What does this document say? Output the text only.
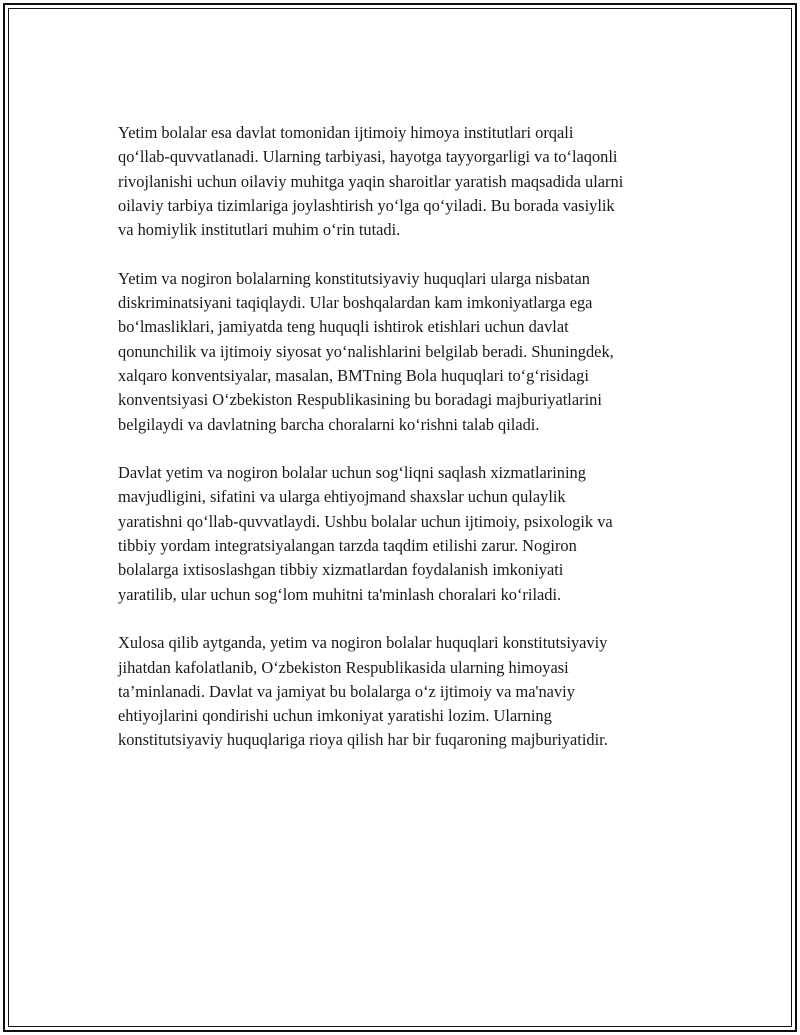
Yetim bolalar esa davlat tomonidan ijtimoiy himoya institutlari orqali
qo‘llab-quvvatlanadi. Ularning tarbiyasi, hayotga tayyorgarligi va to‘laqonli
rivojlanishi uchun oilaviy muhitga yaqin sharoitlar yaratish maqsadida ularni
oilaviy tarbiya tizimlariga joylashtirish yo‘lga qo‘yiladi. Bu borada vasiylik
va homiylik institutlari muhim o‘rin tutadi.

Yetim va nogiron bolalarning konstitutsiyaviy huquqlari ularga nisbatan
diskriminatsiyani taqiqlaydi. Ular boshqalardan kam imkoniyatlarga ega
bo‘lmasliklari, jamiyatda teng huquqli ishtirok etishlari uchun davlat
qonunchilik va ijtimoiy siyosat yo‘nalishlarini belgilab beradi. Shuningdek,
xalqaro konventsiyalar, masalan, BMTning Bola huquqlari to‘g‘risidagi
konventsiyasi O‘zbekiston Respublikasining bu boradagi majburiyatlarini
belgilaydi va davlatning barcha choralarni ko‘rishni talab qiladi.

Davlat yetim va nogiron bolalar uchun sog‘liqni saqlash xizmatlarining
mavjudligini, sifatini va ularga ehtiyojmand shaxslar uchun qulaylik
yaratishni qo‘llab-quvvatlaydi. Ushbu bolalar uchun ijtimoiy, psixologik va
tibbiy yordam integratsiyalangan tarzda taqdim etilishi zarur. Nogiron
bolalarga ixtisoslashgan tibbiy xizmatlardan foydalanish imkoniyati
yaratilib, ular uchun sog‘lom muhitni ta'minlash choralari ko‘riladi.

Xulosa qilib aytganda, yetim va nogiron bolalar huquqlari konstitutsiyaviy
jihatdan kafolatlanib, O‘zbekiston Respublikasida ularning himoyasi
ta’minlanadi. Davlat va jamiyat bu bolalarga o‘z ijtimoiy va ma'naviy
ehtiyojlarini qondirishi uchun imkoniyat yaratishi lozim. Ularning
konstitutsiyaviy huquqlariga rioya qilish har bir fuqaroning majburiyatidir.
